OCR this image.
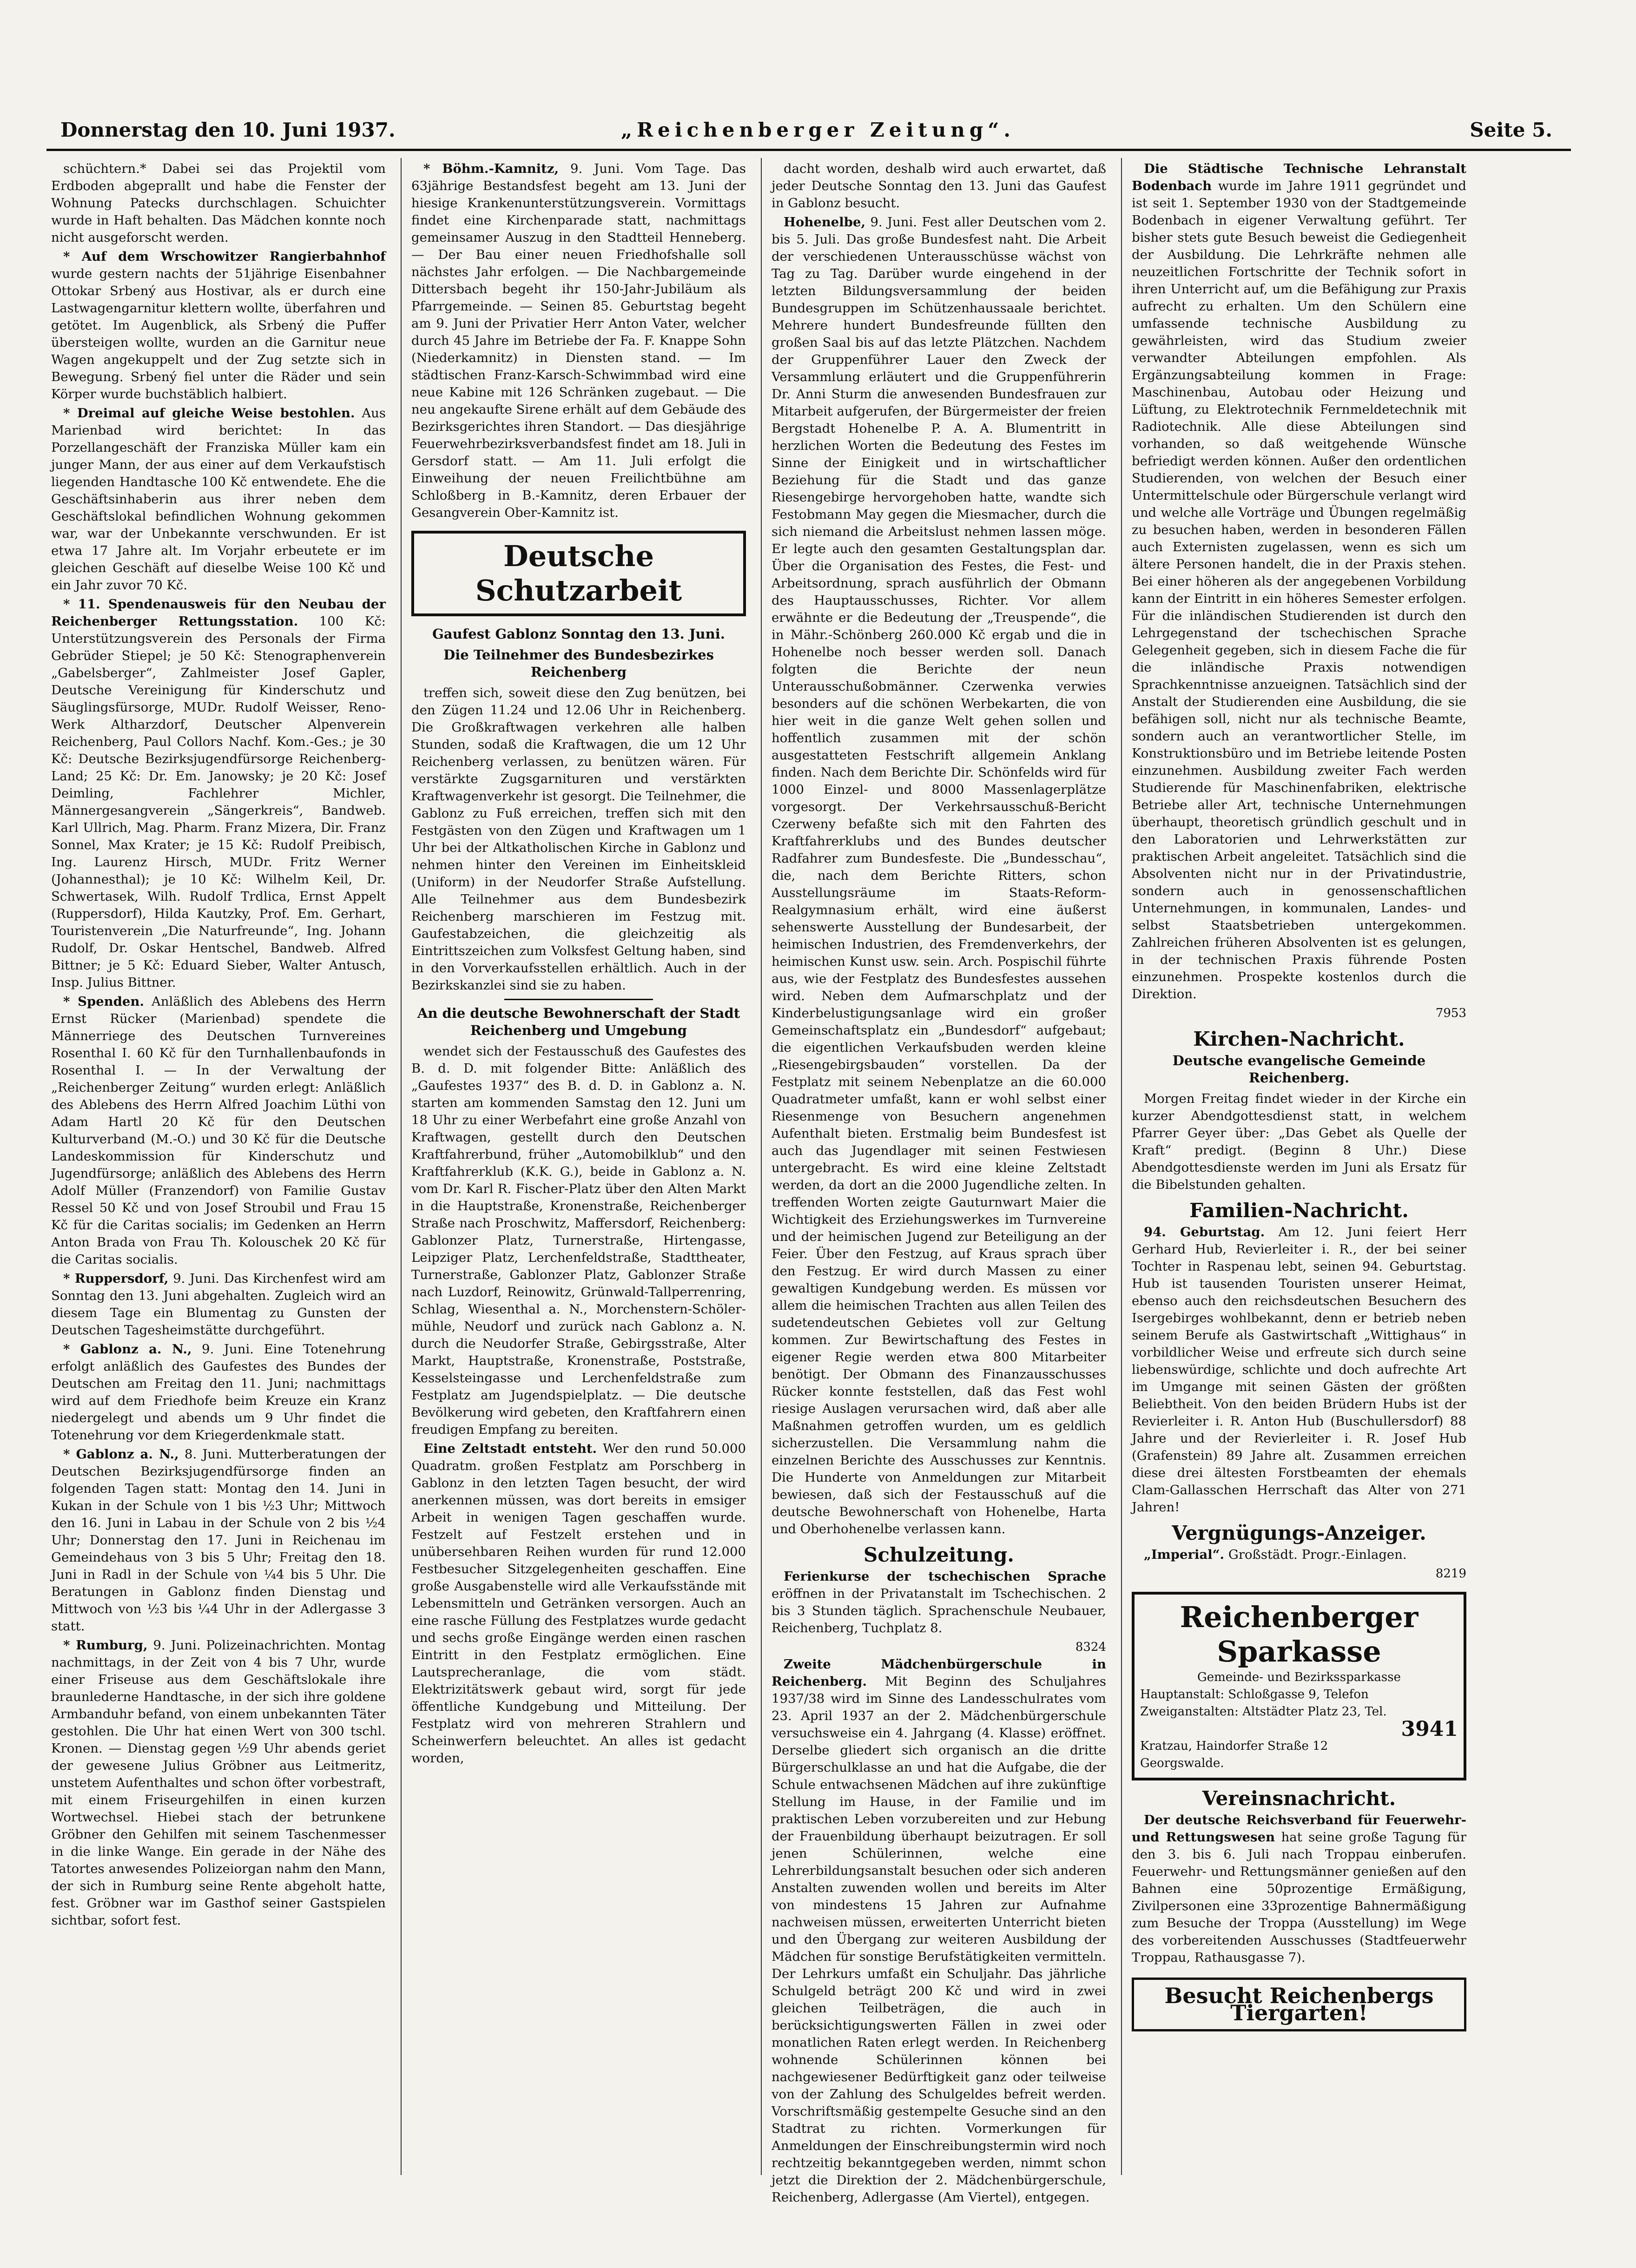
Donnerstag den 10. Juni 1937.	„Reichenberger Zeitung“.	Seite 5.

schüchtern.* Dabei sei das Projektil vom Erdboden abgeprallt und habe die Fenster der Wohnung Patecks durchschlagen. Schuichter wurde in Haft behalten. Das Mädchen konnte noch nicht ausgeforscht werden.

* Auf dem Wrschowitzer Rangierbahnhof wurde gestern nachts der 51jährige Eisenbahner Ottokar Srbený aus Hostivar, als er durch eine Lastwagengarnitur klettern wollte, überfahren und getötet. Im Augenblick, als Srbený die Puffer übersteigen wollte, wurden an die Garnitur neue Wagen angekuppelt und der Zug setzte sich in Bewegung. Srbený fiel unter die Räder und sein Körper wurde buchstäblich halbiert.

* Dreimal auf gleiche Weise bestohlen. Aus Marienbad wird berichtet: In das Porzellangeschäft der Franziska Müller kam ein junger Mann, der aus einer auf dem Verkaufstisch liegenden Handtasche 100 Kč entwendete. Ehe die Geschäftsinhaberin aus ihrer neben dem Geschäftslokal befindlichen Wohnung gekommen war, war der Unbekannte verschwunden. Er ist etwa 17 Jahre alt. Im Vorjahr erbeutete er im gleichen Geschäft auf dieselbe Weise 100 Kč und ein Jahr zuvor 70 Kč.

* 11. Spendenausweis für den Neubau der Reichenberger Rettungsstation. 100 Kč: Unterstützungsverein des Personals der Firma Gebrüder Stiepel; je 50 Kč: Stenographenverein „Gabelsberger“, Zahlmeister Josef Gapler, Deutsche Vereinigung für Kinderschutz und Säuglingsfürsorge, MUDr. Rudolf Weisser, Reno-Werk Altharzdorf, Deutscher Alpenverein Reichenberg, Paul Collors Nachf. Kom.-Ges.; je 30 Kč: Deutsche Bezirksjugendfürsorge Reichenberg-Land; 25 Kč: Dr. Em. Janowsky; je 20 Kč: Josef Deimling, Fachlehrer Michler, Männergesangverein „Sängerkreis“, Bandweb. Karl Ullrich, Mag. Pharm. Franz Mizera, Dir. Franz Sonnel, Max Krater; je 15 Kč: Rudolf Preibisch, Ing. Laurenz Hirsch, MUDr. Fritz Werner (Johannesthal); je 10 Kč: Wilhelm Keil, Dr. Schwertasek, Wilh. Rudolf Trdlica, Ernst Appelt (Ruppersdorf), Hilda Kautzky, Prof. Em. Gerhart, Touristenverein „Die Naturfreunde“, Ing. Johann Rudolf, Dr. Oskar Hentschel, Bandweb. Alfred Bittner; je 5 Kč: Eduard Sieber, Walter Antusch, Insp. Julius Bittner.

* Spenden. Anläßlich des Ablebens des Herrn Ernst Rücker (Marienbad) spendete die Männerriege des Deutschen Turnvereines Rosenthal I. 60 Kč für den Turnhallenbaufonds in Rosenthal I. — In der Verwaltung der „Reichenberger Zeitung“ wurden erlegt: Anläßlich des Ablebens des Herrn Alfred Joachim Lüthi von Adam Hartl 20 Kč für den Deutschen Kulturverband (M.-O.) und 30 Kč für die Deutsche Landeskommission für Kinderschutz und Jugendfürsorge; anläßlich des Ablebens des Herrn Adolf Müller (Franzendorf) von Familie Gustav Ressel 50 Kč und von Josef Stroubil und Frau 15 Kč für die Caritas socialis; im Gedenken an Herrn Anton Brada von Frau Th. Kolouschek 20 Kč für die Caritas socialis.

* Ruppersdorf, 9. Juni. Das Kirchenfest wird am Sonntag den 13. Juni abgehalten. Zugleich wird an diesem Tage ein Blumentag zu Gunsten der Deutschen Tagesheimstätte durchgeführt.

* Gablonz a. N., 9. Juni. Eine Totenehrung erfolgt anläßlich des Gaufestes des Bundes der Deutschen am Freitag den 11. Juni; nachmittags wird auf dem Friedhofe beim Kreuze ein Kranz niedergelegt und abends um 9 Uhr findet die Totenehrung vor dem Kriegerdenkmale statt.

* Gablonz a. N., 8. Juni. Mutterberatungen der Deutschen Bezirksjugendfürsorge finden an folgenden Tagen statt: Montag den 14. Juni in Kukan in der Schule von 1 bis ½3 Uhr; Mittwoch den 16. Juni in Labau in der Schule von 2 bis ½4 Uhr; Donnerstag den 17. Juni in Reichenau im Gemeindehaus von 3 bis 5 Uhr; Freitag den 18. Juni in Radl in der Schule von ¼4 bis 5 Uhr. Die Beratungen in Gablonz finden Dienstag und Mittwoch von ½3 bis ¼4 Uhr in der Adlergasse 3 statt.

* Rumburg, 9. Juni. Polizeinachrichten. Montag nachmittags, in der Zeit von 4 bis 7 Uhr, wurde einer Friseuse aus dem Geschäftslokale ihre braunlederne Handtasche, in der sich ihre goldene Armbanduhr befand, von einem unbekannten Täter gestohlen. Die Uhr hat einen Wert von 300 tschl. Kronen. — Dienstag gegen ½9 Uhr abends geriet der gewesene Julius Gröbner aus Leitmeritz, unstetem Aufenthaltes und schon öfter vorbestraft, mit einem Friseurgehilfen in einen kurzen Wortwechsel. Hiebei stach der betrunkene Gröbner den Gehilfen mit seinem Taschenmesser in die linke Wange. Ein gerade in der Nähe des Tatortes anwesendes Polizeiorgan nahm den Mann, der sich in Rumburg seine Rente abgeholt hatte, fest. Gröbner war im Gasthof seiner Gastspielen sichtbar, sofort fest.

* Böhm.-Kamnitz, 9. Juni. Vom Tage. Das 63jährige Bestandsfest begeht am 13. Juni der hiesige Krankenunterstützungsverein. Vormittags findet eine Kirchenparade statt, nachmittags gemeinsamer Auszug in den Stadtteil Henneberg. — Der Bau einer neuen Friedhofshalle soll nächstes Jahr erfolgen. — Die Nachbargemeinde Dittersbach begeht ihr 150-Jahr-Jubiläum als Pfarrgemeinde. — Seinen 85. Geburtstag begeht am 9. Juni der Privatier Herr Anton Vater, welcher durch 45 Jahre im Betriebe der Fa. F. Knappe Sohn (Niederkamnitz) in Diensten stand. — Im städtischen Franz-Karsch-Schwimmbad wird eine neue Kabine mit 126 Schränken zugebaut. — Die neu angekaufte Sirene erhält auf dem Gebäude des Bezirksgerichtes ihren Standort. — Das diesjährige Feuerwehrbezirksverbandsfest findet am 18. Juli in Gersdorf statt. — Am 11. Juli erfolgt die Einweihung der neuen Freilichtbühne am Schloßberg in B.-Kamnitz, deren Erbauer der Gesangverein Ober-Kamnitz ist.

Deutsche Schutzarbeit
Gaufest Gablonz Sonntag den 13. Juni.
Die Teilnehmer des Bundesbezirkes Reichenberg

treffen sich, soweit diese den Zug benützen, bei den Zügen 11.24 und 12.06 Uhr in Reichenberg. Die Großkraftwagen verkehren alle halben Stunden, sodaß die Kraftwagen, die um 12 Uhr Reichenberg verlassen, zu benützen wären. Für verstärkte Zugsgarnituren und verstärkten Kraftwagenverkehr ist gesorgt. Die Teilnehmer, die Gablonz zu Fuß erreichen, treffen sich mit den Festgästen von den Zügen und Kraftwagen um 1 Uhr bei der Altkatholischen Kirche in Gablonz und nehmen hinter den Vereinen im Einheitskleid (Uniform) in der Neudorfer Straße Aufstellung. Alle Teilnehmer aus dem Bundesbezirk Reichenberg marschieren im Festzug mit. Gaufestabzeichen, die gleichzeitig als Eintrittszeichen zum Volksfest Geltung haben, sind in den Vorverkaufsstellen erhältlich. Auch in der Bezirkskanzlei sind sie zu haben.

An die deutsche Bewohnerschaft der Stadt Reichenberg und Umgebung

wendet sich der Festausschuß des Gaufestes des B. d. D. mit folgender Bitte: Anläßlich des „Gaufestes 1937“ des B. d. D. in Gablonz a. N. starten am kommenden Samstag den 12. Juni um 18 Uhr zu einer Werbefahrt eine große Anzahl von Kraftwagen, gestellt durch den Deutschen Kraftfahrerbund, früher „Automobilklub“ und den Kraftfahrerklub (K.K. G.), beide in Gablonz a. N. vom Dr. Karl R. Fischer-Platz über den Alten Markt in die Hauptstraße, Kronenstraße, Reichenberger Straße nach Proschwitz, Maffersdorf, Reichenberg: Gablonzer Platz, Turnerstraße, Hirtengasse, Leipziger Platz, Lerchenfeldstraße, Stadttheater, Turnerstraße, Gablonzer Platz, Gablonzer Straße nach Luzdorf, Reinowitz, Grünwald-Tallperrenring, Schlag, Wiesenthal a. N., Morchenstern-Schölermühle, Neudorf und zurück nach Gablonz a. N. durch die Neudorfer Straße, Gebirgsstraße, Alter Markt, Hauptstraße, Kronenstraße, Poststraße, Kesselsteingasse und Lerchenfeldstraße zum Festplatz am Jugendspielplatz. — Die deutsche Bevölkerung wird gebeten, den Kraftfahrern einen freudigen Empfang zu bereiten.

Eine Zeltstadt entsteht. Wer den rund 50.000 Quadratm. großen Festplatz am Porschberg in Gablonz in den letzten Tagen besucht, der wird anerkennen müssen, was dort bereits in emsiger Arbeit in wenigen Tagen geschaffen wurde. Festzelt auf Festzelt erstehen und in unübersehbaren Reihen wurden für rund 12.000 Festbesucher Sitzgelegenheiten geschaffen. Eine große Ausgabenstelle wird alle Verkaufsstände mit Lebensmitteln und Getränken versorgen. Auch an eine rasche Füllung des Festplatzes wurde gedacht und sechs große Eingänge werden einen raschen Eintritt in den Festplatz ermöglichen. Eine Lautsprecheranlage, die vom städt. Elektrizitätswerk gebaut wird, sorgt für jede öffentliche Kundgebung und Mitteilung. Der Festplatz wird von mehreren Strahlern und Scheinwerfern beleuchtet. An alles ist gedacht worden,

dacht worden, deshalb wird auch erwartet, daß jeder Deutsche Sonntag den 13. Juni das Gaufest in Gablonz besucht.

Hohenelbe, 9. Juni. Fest aller Deutschen vom 2. bis 5. Juli. Das große Bundesfest naht. Die Arbeit der verschiedenen Unterausschüsse wächst von Tag zu Tag. Darüber wurde eingehend in der letzten Bildungsversammlung der beiden Bundesgruppen im Schützenhaussaale berichtet. Mehrere hundert Bundesfreunde füllten den großen Saal bis auf das letzte Plätzchen. Nachdem der Gruppenführer Lauer den Zweck der Versammlung erläutert und die Gruppenführerin Dr. Anni Sturm die anwesenden Bundesfrauen zur Mitarbeit aufgerufen, der Bürgermeister der freien Bergstadt Hohenelbe P. A. A. Blumentritt in herzlichen Worten die Bedeutung des Festes im Sinne der Einigkeit und in wirtschaftlicher Beziehung für die Stadt und das ganze Riesengebirge hervorgehoben hatte, wandte sich Festobmann May gegen die Miesmacher, durch die sich niemand die Arbeitslust nehmen lassen möge. Er legte auch den gesamten Gestaltungsplan dar. Über die Organisation des Festes, die Fest- und Arbeitsordnung, sprach ausführlich der Obmann des Hauptausschusses, Richter. Vor allem erwähnte er die Bedeutung der „Treuspende“, die in Mähr.-Schönberg 260.000 Kč ergab und die in Hohenelbe noch besser werden soll. Danach folgten die Berichte der neun Unterausschußobmänner. Czerwenka verwies besonders auf die schönen Werbekarten, die von hier weit in die ganze Welt gehen sollen und hoffentlich zusammen mit der schön ausgestatteten Festschrift allgemein Anklang finden. Nach dem Berichte Dir. Schönfelds wird für 1000 Einzel- und 8000 Massenlagerplätze vorgesorgt. Der Verkehrsausschuß-Bericht Czerweny befaßte sich mit den Fahrten des Kraftfahrerklubs und des Bundes deutscher Radfahrer zum Bundesfeste. Die „Bundesschau“, die, nach dem Berichte Ritters, schon Ausstellungsräume im Staats-Reform-Realgymnasium erhält, wird eine äußerst sehenswerte Ausstellung der Bundesarbeit, der heimischen Industrien, des Fremdenverkehrs, der heimischen Kunst usw. sein. Arch. Pospischil führte aus, wie der Festplatz des Bundesfestes aussehen wird. Neben dem Aufmarschplatz und der Kinderbelustigungsanlage wird ein großer Gemeinschaftsplatz ein „Bundesdorf“ aufgebaut; die eigentlichen Verkaufsbuden werden kleine „Riesengebirgsbauden“ vorstellen. Da der Festplatz mit seinem Nebenplatze an die 60.000 Quadratmeter umfaßt, kann er wohl selbst einer Riesenmenge von Besuchern angenehmen Aufenthalt bieten. Erstmalig beim Bundesfest ist auch das Jugendlager mit seinen Festwiesen untergebracht. Es wird eine kleine Zeltstadt werden, da dort an die 2000 Jugendliche zelten. In treffenden Worten zeigte Gauturnwart Maier die Wichtigkeit des Erziehungswerkes im Turnvereine und der heimischen Jugend zur Beteiligung an der Feier. Über den Festzug, auf Kraus sprach über den Festzug. Er wird durch Massen zu einer gewaltigen Kundgebung werden. Es müssen vor allem die heimischen Trachten aus allen Teilen des sudetendeutschen Gebietes voll zur Geltung kommen. Zur Bewirtschaftung des Festes in eigener Regie werden etwa 800 Mitarbeiter benötigt. Der Obmann des Finanzausschusses Rücker konnte feststellen, daß das Fest wohl riesige Auslagen verursachen wird, daß aber alle Maßnahmen getroffen wurden, um es geldlich sicherzustellen. Die Versammlung nahm die einzelnen Berichte des Ausschusses zur Kenntnis. Die Hunderte von Anmeldungen zur Mitarbeit bewiesen, daß sich der Festausschuß auf die deutsche Bewohnerschaft von Hohenelbe, Harta und Oberhohenelbe verlassen kann.

Schulzeitung.

Ferienkurse der tschechischen Sprache eröffnen in der Privatanstalt im Tschechischen. 2 bis 3 Stunden täglich. Sprachenschule Neubauer, Reichenberg, Tuchplatz 8.

8324

Zweite Mädchenbürgerschule in Reichenberg. Mit Beginn des Schuljahres 1937/38 wird im Sinne des Landesschulrates vom 23. April 1937 an der 2. Mädchenbürgerschule versuchsweise ein 4. Jahrgang (4. Klasse) eröffnet. Derselbe gliedert sich organisch an die dritte Bürgerschulklasse an und hat die Aufgabe, die der Schule entwachsenen Mädchen auf ihre zukünftige Stellung im Hause, in der Familie und im praktischen Leben vorzubereiten und zur Hebung der Frauenbildung überhaupt beizutragen. Er soll jenen Schülerinnen, welche eine Lehrerbildungsanstalt besuchen oder sich anderen Anstalten zuwenden wollen und bereits im Alter von mindestens 15 Jahren zur Aufnahme nachweisen müssen, erweiterten Unterricht bieten und den Übergang zur weiteren Ausbildung der Mädchen für sonstige Berufstätigkeiten vermitteln. Der Lehrkurs umfaßt ein Schuljahr. Das jährliche Schulgeld beträgt 200 Kč und wird in zwei gleichen Teilbeträgen, die auch in berücksichtigungswerten Fällen in zwei oder monatlichen Raten erlegt werden. In Reichenberg wohnende Schülerinnen können bei nachgewiesener Bedürftigkeit ganz oder teilweise von der Zahlung des Schulgeldes befreit werden. Vorschriftsmäßig gestempelte Gesuche sind an den Stadtrat zu richten. Vormerkungen für Anmeldungen der Einschreibungstermin wird noch rechtzeitig bekanntgegeben werden, nimmt schon jetzt die Direktion der 2. Mädchenbürgerschule, Reichenberg, Adlergasse (Am Viertel), entgegen.

Die Städtische Technische Lehranstalt Bodenbach wurde im Jahre 1911 gegründet und ist seit 1. September 1930 von der Stadtgemeinde Bodenbach in eigener Verwaltung geführt. Ter bisher stets gute Besuch beweist die Gediegenheit der Ausbildung. Die Lehrkräfte nehmen alle neuzeitlichen Fortschritte der Technik sofort in ihren Unterricht auf, um die Befähigung zur Praxis aufrecht zu erhalten. Um den Schülern eine umfassende technische Ausbildung zu gewährleisten, wird das Studium zweier verwandter Abteilungen empfohlen. Als Ergänzungsabteilung kommen in Frage: Maschinenbau, Autobau oder Heizung und Lüftung, zu Elektrotechnik Fernmeldetechnik mit Radiotechnik. Alle diese Abteilungen sind vorhanden, so daß weitgehende Wünsche befriedigt werden können. Außer den ordentlichen Studierenden, von welchen der Besuch einer Untermittelschule oder Bürgerschule verlangt wird und welche alle Vorträge und Übungen regelmäßig zu besuchen haben, werden in besonderen Fällen auch Externisten zugelassen, wenn es sich um ältere Personen handelt, die in der Praxis stehen. Bei einer höheren als der angegebenen Vorbildung kann der Eintritt in ein höheres Semester erfolgen. Für die inländischen Studierenden ist durch den Lehrgegenstand der tschechischen Sprache Gelegenheit gegeben, sich in diesem Fache die für die inländische Praxis notwendigen Sprachkenntnisse anzueignen. Tatsächlich sind der Anstalt der Studierenden eine Ausbildung, die sie befähigen soll, nicht nur als technische Beamte, sondern auch an verantwortlicher Stelle, im Konstruktionsbüro und im Betriebe leitende Posten einzunehmen. Ausbildung zweiter Fach werden Studierende für Maschinenfabriken, elektrische Betriebe aller Art, technische Unternehmungen überhaupt, theoretisch gründlich geschult und in den Laboratorien und Lehrwerkstätten zur praktischen Arbeit angeleitet. Tatsächlich sind die Absolventen nicht nur in der Privatindustrie, sondern auch in genossenschaftlichen Unternehmungen, in kommunalen, Landes- und selbst Staatsbetrieben untergekommen. Zahlreichen früheren Absolventen ist es gelungen, in der technischen Praxis führende Posten einzunehmen. Prospekte kostenlos durch die Direktion.

7953
Kirchen-Nachricht.
Deutsche evangelische Gemeinde Reichenberg.

Morgen Freitag findet wieder in der Kirche ein kurzer Abendgottesdienst statt, in welchem Pfarrer Geyer über: „Das Gebet als Quelle der Kraft“ predigt. (Beginn 8 Uhr.) Diese Abendgottesdienste werden im Juni als Ersatz für die Bibelstunden gehalten.

Familien-Nachricht.

94. Geburtstag. Am 12. Juni feiert Herr Gerhard Hub, Revierleiter i. R., der bei seiner Tochter in Raspenau lebt, seinen 94. Geburtstag. Hub ist tausenden Touristen unserer Heimat, ebenso auch den reichsdeutschen Besuchern des Isergebirges wohlbekannt, denn er betrieb neben seinem Berufe als Gastwirtschaft „Wittighaus“ in vorbildlicher Weise und erfreute sich durch seine liebenswürdige, schlichte und doch aufrechte Art im Umgange mit seinen Gästen der größten Beliebtheit. Von den beiden Brüdern Hubs ist der Revierleiter i. R. Anton Hub (Buschullersdorf) 88 Jahre und der Revierleiter i. R. Josef Hub (Grafenstein) 89 Jahre alt. Zusammen erreichen diese drei ältesten Forstbeamten der ehemals Clam-Gallasschen Herrschaft das Alter von 271 Jahren!

Vergnügungs-Anzeiger.

„Imperial“. Großstädt. Progr.-Einlagen.

8219
Reichenberger Sparkasse
Gemeinde- und Bezirkssparkasse
Hauptanstalt: Schloßgasse 9, Telefon
Zweiganstalten: Altstädter Platz 23, Tel.
3941
Kratzau, Haindorfer Straße 12
Georgswalde.
Vereinsnachricht.

Der deutsche Reichsverband für Feuerwehr- und Rettungswesen hat seine große Tagung für den 3. bis 6. Juli nach Troppau einberufen. Feuerwehr- und Rettungsmänner genießen auf den Bahnen eine 50prozentige Ermäßigung, Zivilpersonen eine 33prozentige Bahnermäßigung zum Besuche der Troppa (Ausstellung) im Wege des vorbereitenden Ausschusses (Stadtfeuerwehr Troppau, Rathausgasse 7).

Besucht Reichenbergs Tiergarten!
